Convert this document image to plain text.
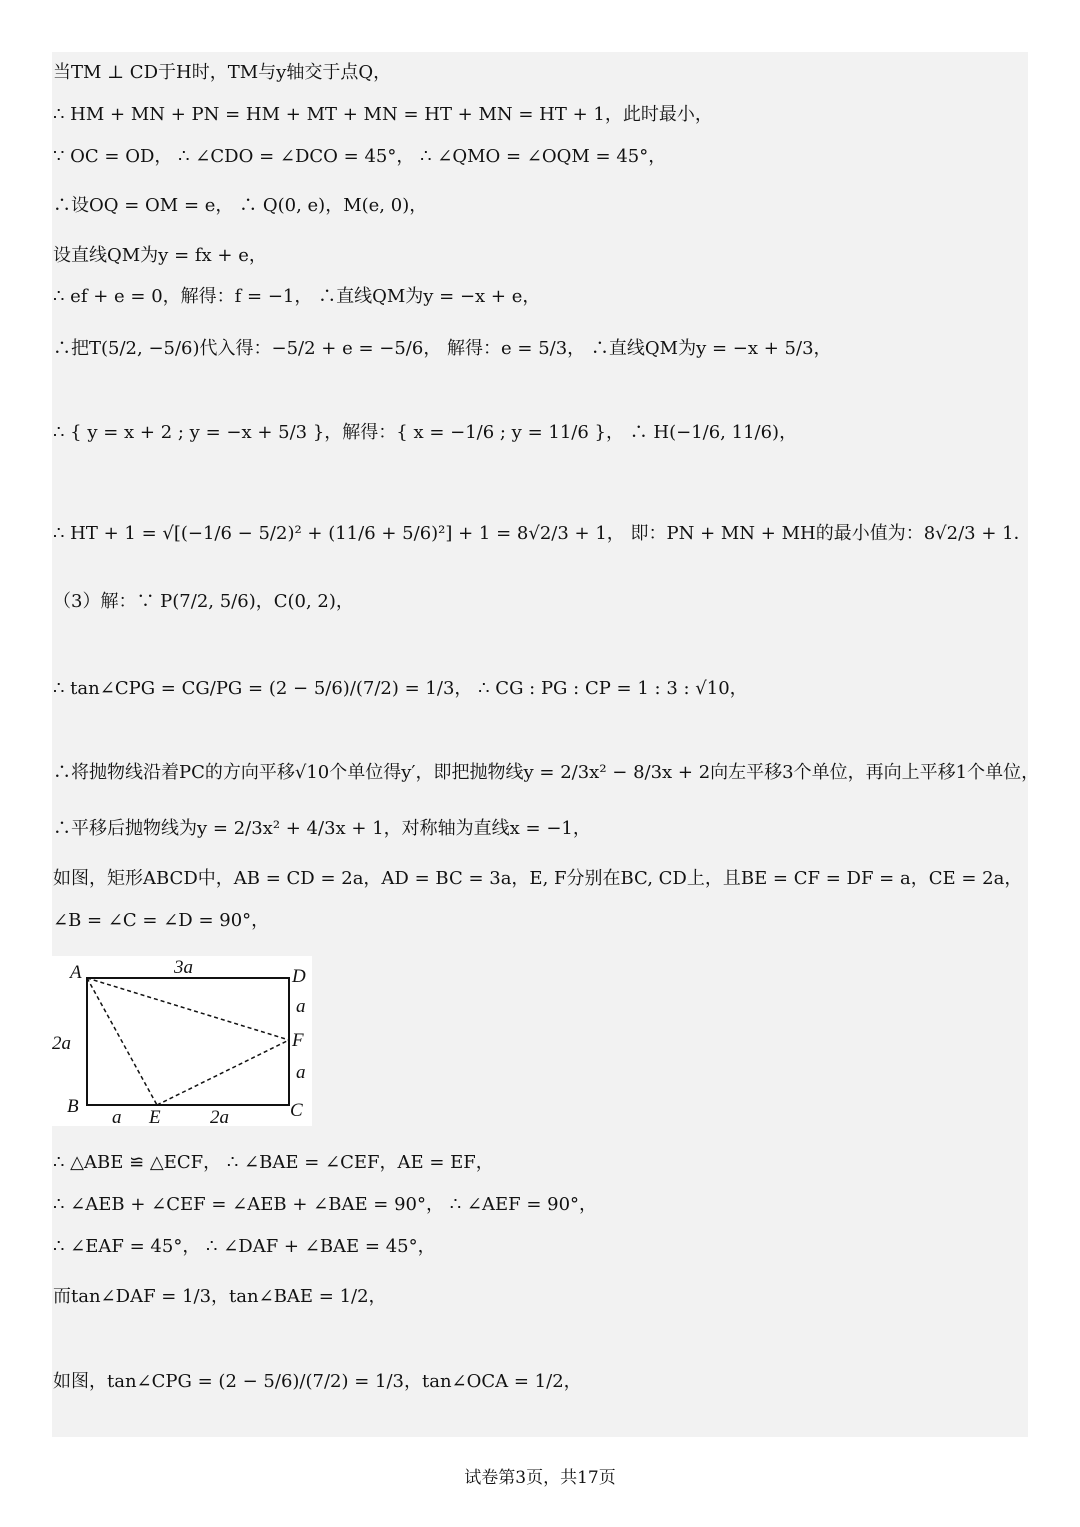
当TM ⊥ CD于H时，TM与y轴交于点Q，
∴ HM + MN + PN = HM + MT + MN = HT + MN = HT + 1，此时最小，
∵ OC = OD， ∴ ∠CDO = ∠DCO = 45°， ∴ ∠QMO = ∠OQM = 45°，
∴设OQ = OM = e， ∴ Q(0, e)，M(e, 0)，
设直线QM为y = fx + e，
∴ ef + e = 0，解得：f = −1， ∴直线QM为y = −x + e，
∴把T(5/2, −5/6)代入得：−5/2 + e = −5/6， 解得：e = 5/3， ∴直线QM为y = −x + 5/3，
∴ { y = x + 2 ; y = −x + 5/3 }，解得：{ x = −1/6 ; y = 11/6 }， ∴ H(−1/6, 11/6)，
∴ HT + 1 = √[(−1/6 − 5/2)² + (11/6 + 5/6)²] + 1 = 8√2/3 + 1， 即：PN + MN + MH的最小值为：8√2/3 + 1．
（3）解：∵ P(7/2, 5/6)，C(0, 2)，
∴ tan∠CPG = CG/PG = (2 − 5/6)/(7/2) = 1/3， ∴ CG : PG : CP = 1 : 3 : √10，
∴将抛物线沿着PC的方向平移√10个单位得y′，即把抛物线y = 2/3x² − 8/3x + 2向左平移3个单位，再向上平移1个单位，
∴平移后抛物线为y = 2/3x² + 4/3x + 1，对称轴为直线x = −1，
如图，矩形ABCD中，AB = CD = 2a，AD = BC = 3a，E, F分别在BC, CD上，且BE = CF = DF = a，CE = 2a，
∠B = ∠C = ∠D = 90°，
A	D
F
C
B
E
3a
2a
a
a
a	2a
∴ △ABE ≌ △ECF， ∴ ∠BAE = ∠CEF，AE = EF，
∴ ∠AEB + ∠CEF = ∠AEB + ∠BAE = 90°， ∴ ∠AEF = 90°，
∴ ∠EAF = 45°， ∴ ∠DAF + ∠BAE = 45°，
而tan∠DAF = 1/3，tan∠BAE = 1/2，
如图，tan∠CPG = (2 − 5/6)/(7/2) = 1/3，tan∠OCA = 1/2，
试卷第3页，共17页
